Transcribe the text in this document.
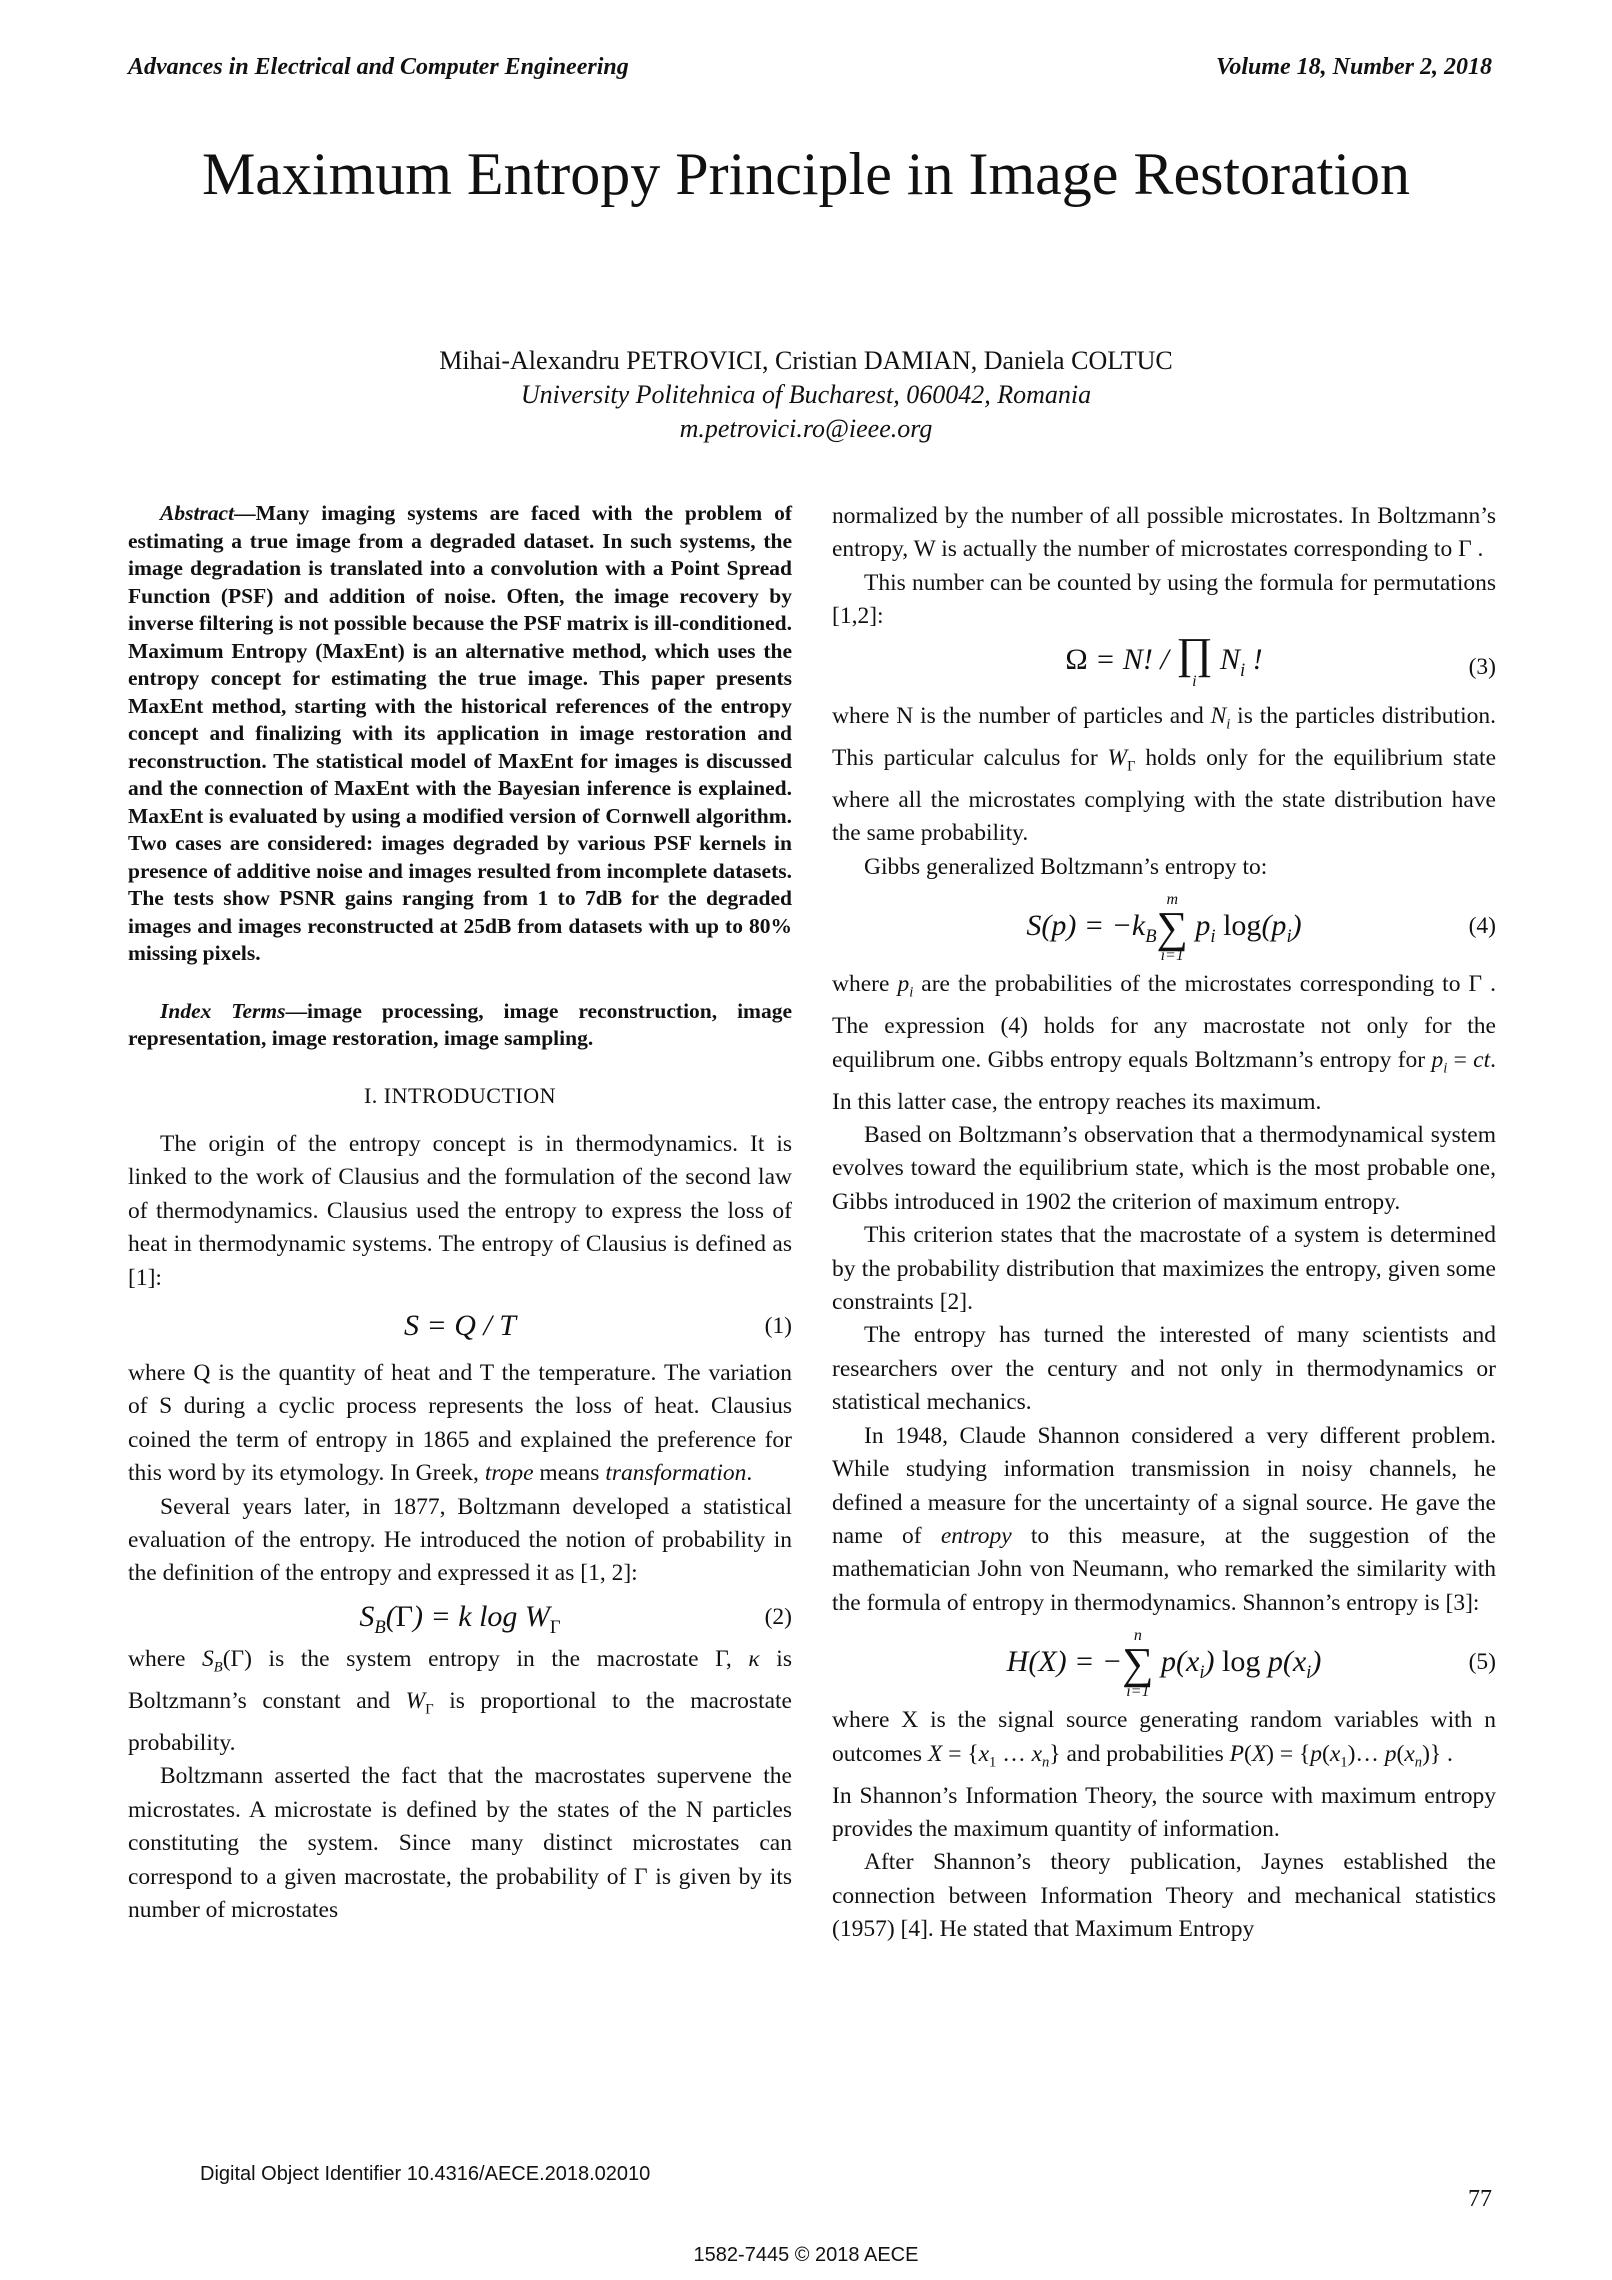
Advances in Electrical and Computer Engineering	Volume 18, Number 2, 2018
Maximum Entropy Principle in Image Restoration
Mihai-Alexandru PETROVICI, Cristian DAMIAN, Daniela COLTUC
University Politehnica of Bucharest, 060042, Romania
m.petrovici.ro@ieee.org

Abstract—Many imaging systems are faced with the problem of estimating a true image from a degraded dataset. In such systems, the image degradation is translated into a convolution with a Point Spread Function (PSF) and addition of noise. Often, the image recovery by inverse filtering is not possible because the PSF matrix is ill-conditioned. Maximum Entropy (MaxEnt) is an alternative method, which uses the entropy concept for estimating the true image. This paper presents MaxEnt method, starting with the historical references of the entropy concept and finalizing with its application in image restoration and reconstruction. The statistical model of MaxEnt for images is discussed and the connection of MaxEnt with the Bayesian inference is explained. MaxEnt is evaluated by using a modified version of Cornwell algorithm. Two cases are considered: images degraded by various PSF kernels in presence of additive noise and images resulted from incomplete datasets. The tests show PSNR gains ranging from 1 to 7dB for the degraded images and images reconstructed at 25dB from datasets with up to 80% missing pixels.

Index Terms—image processing, image reconstruction, image representation, image restoration, image sampling.

I. INTRODUCTION

The origin of the entropy concept is in thermodynamics. It is linked to the work of Clausius and the formulation of the second law of thermodynamics. Clausius used the entropy to express the loss of heat in thermodynamic systems. The entropy of Clausius is defined as [1]:

S = Q / T	(1)

where Q is the quantity of heat and T the temperature. The variation of S during a cyclic process represents the loss of heat. Clausius coined the term of entropy in 1865 and explained the preference for this word by its etymology. In Greek, trope means transformation.

Several years later, in 1877, Boltzmann developed a statistical evaluation of the entropy. He introduced the notion of probability in the definition of the entropy and expressed it as [1, 2]:

$S_B(\Gamma) = k$ $\log W_\Gamma$	(2)

where $S_B(\Gamma)$ is the system entropy in the macrostate Γ, κ is Boltzmann’s constant and $W_\Gamma$ is proportional to the macrostate probability.

Boltzmann asserted the fact that the macrostates supervene the microstates. A microstate is defined by the states of the N particles constituting the system. Since many distinct microstates can correspond to a given macrostate, the probability of Γ is given by its number of microstates

normalized by the number of all possible microstates. In Boltzmann’s entropy, W is actually the number of microstates corresponding to Γ .

This number can be counted by using the formula for permutations [1,2]:

Ω = N! / ∏
i
$N_i$ !	(3)

where N is the number of particles and $N_i$ is the particles distribution. This particular calculus for $W_\Gamma$ holds only for the equilibrium state where all the microstates complying with the state distribution have the same probability.

Gibbs generalized Boltzmann’s entropy to:

$S(p) = -k_B$
m
∑
i=1
$p_i$ $\log(p_i)$	(4)

where $p_i$ are the probabilities of the microstates corresponding to Γ . The expression (4) holds for any macrostate not only for the equilibrum one. Gibbs entropy equals Boltzmann’s entropy for $p_i$ = ct. In this latter case, the entropy reaches its maximum.

Based on Boltzmann’s observation that a thermodynamical system evolves toward the equilibrium state, which is the most probable one, Gibbs introduced in 1902 the criterion of maximum entropy.

This criterion states that the macrostate of a system is determined by the probability distribution that maximizes the entropy, given some constraints [2].

The entropy has turned the interested of many scientists and researchers over the century and not only in thermodynamics or statistical mechanics.

In 1948, Claude Shannon considered a very different problem. While studying information transmission in noisy channels, he defined a measure for the uncertainty of a signal source. He gave the name of entropy to this measure, at the suggestion of the mathematician John von Neumann, who remarked the similarity with the formula of entropy in thermodynamics. Shannon’s entropy is [3]:

H(X) = −
n
∑
i=1
$p(x_i)$ $\log p(x_i)$	(5)

where X is the signal source generating random variables with n outcomes $X = \{x_1$ … $x_n$} and probabilities $P(X) = \{p(x_1)\dots$ $p(x_n)$} .

In Shannon’s Information Theory, the source with maximum entropy provides the maximum quantity of information.

After Shannon’s theory publication, Jaynes established the connection between Information Theory and mechanical statistics (1957) [4]. He stated that Maximum Entropy

Digital Object Identifier 10.4316/AECE.2018.02010
77
1582-7445 © 2018 AECE
